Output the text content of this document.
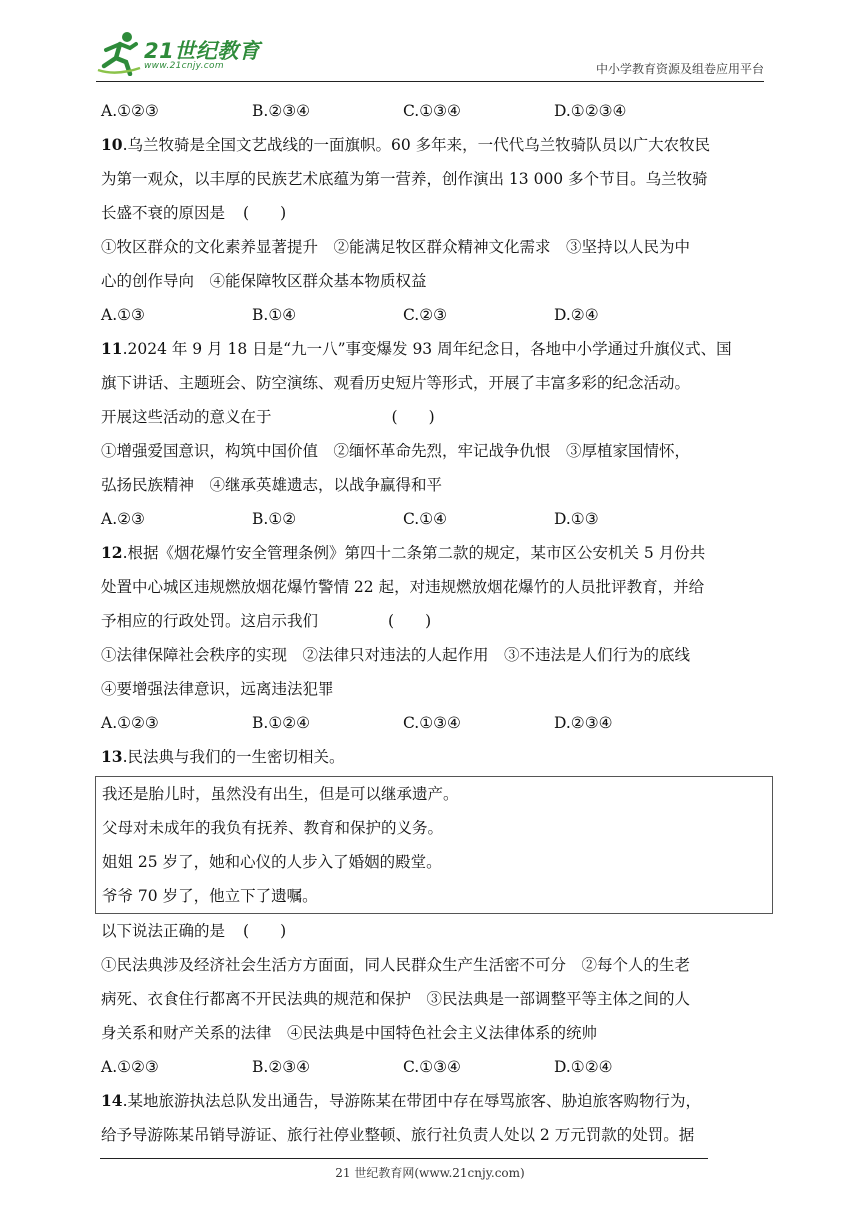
21世纪教育
www.21cnjy.com	中小学教育资源及组卷应用平台
A.①②③	B.②③④	C.①③④	D.①②③④
10.乌兰牧骑是全国文艺战线的一面旗帜。60 多年来，一代代乌兰牧骑队员以广大农牧民
为第一观众，以丰厚的民族艺术底蕴为第一营养，创作演出 13 000 多个节目。乌兰牧骑
长盛不衰的原因是 (　　)
①牧区群众的文化素养显著提升　②能满足牧区群众精神文化需求　③坚持以人民为中
心的创作导向　④能保障牧区群众基本物质权益
A.①③	B.①④	C.②③	D.②④
11.2024 年 9 月 18 日是“九一八”事变爆发 93 周年纪念日，各地中小学通过升旗仪式、国
旗下讲话、主题班会、防空演练、观看历史短片等形式，开展了丰富多彩的纪念活动。
开展这些活动的意义在于	(　　)
①增强爱国意识，构筑中国价值　②缅怀革命先烈，牢记战争仇恨　③厚植家国情怀，
弘扬民族精神　④继承英雄遗志，以战争赢得和平
A.②③	B.①②	C.①④	D.①③
12.根据《烟花爆竹安全管理条例》第四十二条第二款的规定，某市区公安机关 5 月份共
处置中心城区违规燃放烟花爆竹警情 22 起，对违规燃放烟花爆竹的人员批评教育，并给
予相应的行政处罚。这启示我们	(　　)
①法律保障社会秩序的实现　②法律只对违法的人起作用　③不违法是人们行为的底线
④要增强法律意识，远离违法犯罪
A.①②③	B.①②④	C.①③④	D.②③④
13.民法典与我们的一生密切相关。
我还是胎儿时，虽然没有出生，但是可以继承遗产。
父母对未成年的我负有抚养、教育和保护的义务。
姐姐 25 岁了，她和心仪的人步入了婚姻的殿堂。
爷爷 70 岁了，他立下了遗嘱。
以下说法正确的是 (　　)
①民法典涉及经济社会生活方方面面，同人民群众生产生活密不可分　②每个人的生老
病死、衣食住行都离不开民法典的规范和保护　③民法典是一部调整平等主体之间的人
身关系和财产关系的法律　④民法典是中国特色社会主义法律体系的统帅
A.①②③	B.②③④	C.①③④	D.①②④
14.某地旅游执法总队发出通告，导游陈某在带团中存在辱骂旅客、胁迫旅客购物行为，
给予导游陈某吊销导游证、旅行社停业整顿、旅行社负责人处以 2 万元罚款的处罚。据
21 世纪教育网(www.21cnjy.com)
